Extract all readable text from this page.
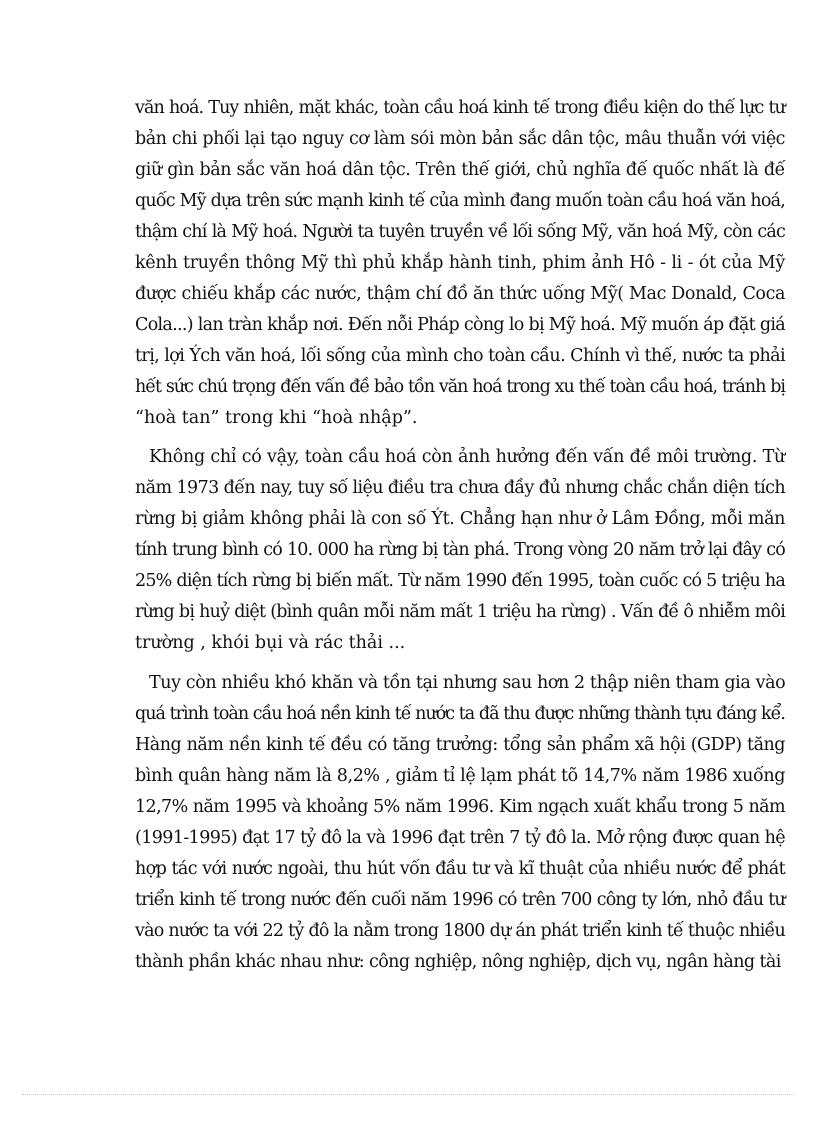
văn hoá. Tuy nhiên, mặt khác, toàn cầu hoá kinh tế trong điều kiện do thế lực tư
bản chi phối lại tạo nguy cơ làm sói mòn bản sắc dân tộc, mâu thuẫn với việc
giữ gìn bản sắc văn hoá dân tộc. Trên thế giới, chủ nghĩa đế quốc nhất là đế
quốc Mỹ dựa trên sức mạnh kinh tế của mình đang muốn toàn cầu hoá văn hoá,
thậm chí là Mỹ hoá. Người ta tuyên truyền về lối sống Mỹ, văn hoá Mỹ, còn các
kênh truyền thông Mỹ thì phủ khắp hành tinh, phim ảnh Hô - li - ót của Mỹ
được chiếu khắp các nước, thậm chí đồ ăn thức uống Mỹ( Mac Donald, Coca
Cola...) lan tràn khắp nơi. Đến nỗi Pháp còng lo bị Mỹ hoá. Mỹ muốn áp đặt giá
trị, lợi Ých văn hoá, lối sống của mình cho toàn cầu. Chính vì thế, nước ta phải
hết sức chú trọng đến vấn đề bảo tồn văn hoá trong xu thế toàn cầu hoá, tránh bị
“hoà tan” trong khi “hoà nhập”.
Không chỉ có vậy, toàn cầu hoá còn ảnh hưởng đến vấn đề môi trường. Từ
năm 1973 đến nay, tuy số liệu điều tra chưa đầy đủ nhưng chắc chắn diện tích
rừng bị giảm không phải là con số Ýt. Chẳng hạn như ở Lâm Đồng, mỗi mǎn
tính trung bình có 10. 000 ha rừng bị tàn phá. Trong vòng 20 năm trở lại đây có
25% diện tích rừng bị biến mất. Từ năm 1990 đến 1995, toàn cuốc có 5 triệu ha
rừng bị huỷ diệt (bình quân mỗi năm mất 1 triệu ha rừng) . Vấn đề ô nhiễm môi
trường , khói bụi và rác thải ...
Tuy còn nhiều khó khăn và tồn tại nhưng sau hơn 2 thập niên tham gia vào
quá trình toàn cầu hoá nền kinh tế nước ta đã thu được những thành tựu đáng kể.
Hàng năm nền kinh tế đều có tăng trưởng: tổng sản phẩm xã hội (GDP) tăng
bình quân hàng năm là 8,2% , giảm tỉ lệ lạm phát tõ 14,7% năm 1986 xuống
12,7% năm 1995 và khoảng 5% năm 1996. Kim ngạch xuất khẩu trong 5 năm
(1991-1995) đạt 17 tỷ đô la và 1996 đạt trên 7 tỷ đô la. Mở rộng được quan hệ
hợp tác với nước ngoài, thu hút vốn đầu tư và kĩ thuật của nhiều nước để phát
triển kinh tế trong nước đến cuối năm 1996 có trên 700 công ty lớn, nhỏ đầu tư
vào nước ta với 22 tỷ đô la nằm trong 1800 dự án phát triển kinh tế thuộc nhiều
thành phần khác nhau như: công nghiệp, nông nghiệp, dịch vụ, ngân hàng tài
